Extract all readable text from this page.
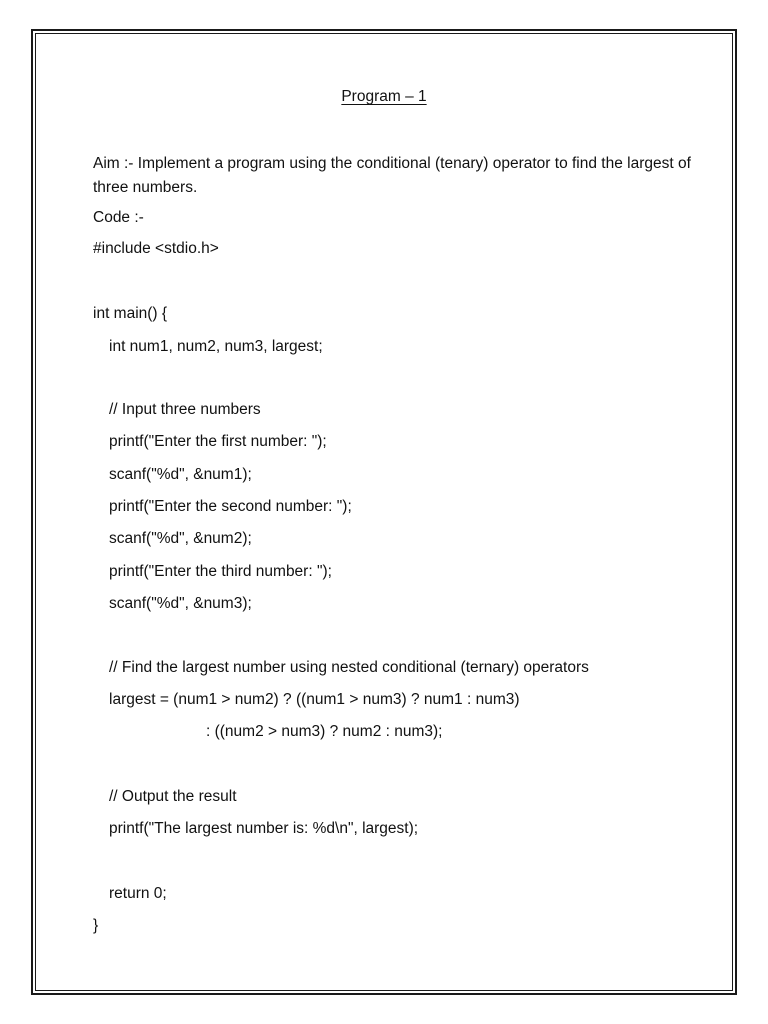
Program – 1
Aim :- Implement a program using the conditional (tenary) operator to find the largest of three numbers.
Code :-
#include <stdio.h>
int main() {
int num1, num2, num3, largest;
// Input three numbers
printf("Enter the first number: ");
scanf("%d", &num1);
printf("Enter the second number: ");
scanf("%d", &num2);
printf("Enter the third number: ");
scanf("%d", &num3);
// Find the largest number using nested conditional (ternary) operators
largest = (num1 > num2) ? ((num1 > num3) ? num1 : num3)
: ((num2 > num3) ? num2 : num3);
// Output the result
printf("The largest number is: %d\n", largest);
return 0;
}
